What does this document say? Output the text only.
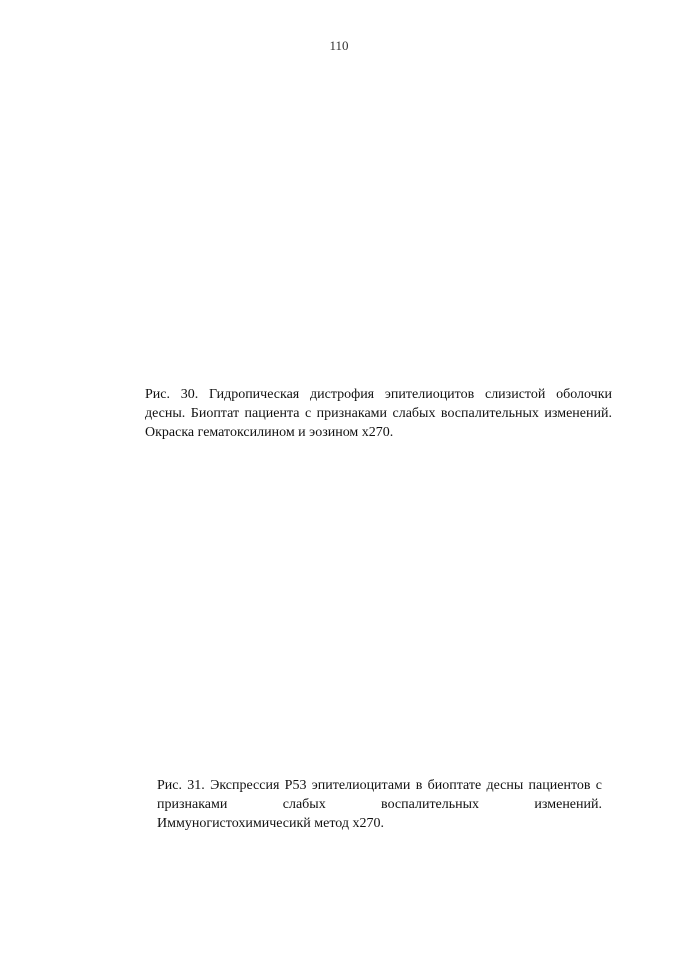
110

Рис. 30. Гидропическая дистрофия эпителиоцитов слизистой оболочки десны. Биоптат пациента с признаками слабых воспалительных изменений. Окраска гематоксилином и эозином х270.

Рис. 31. Экспрессия Р53 эпителиоцитами в биоптате десны пациентов с признаками слабых воспалительных изменений. Иммуногистохимичесикй метод х270.
